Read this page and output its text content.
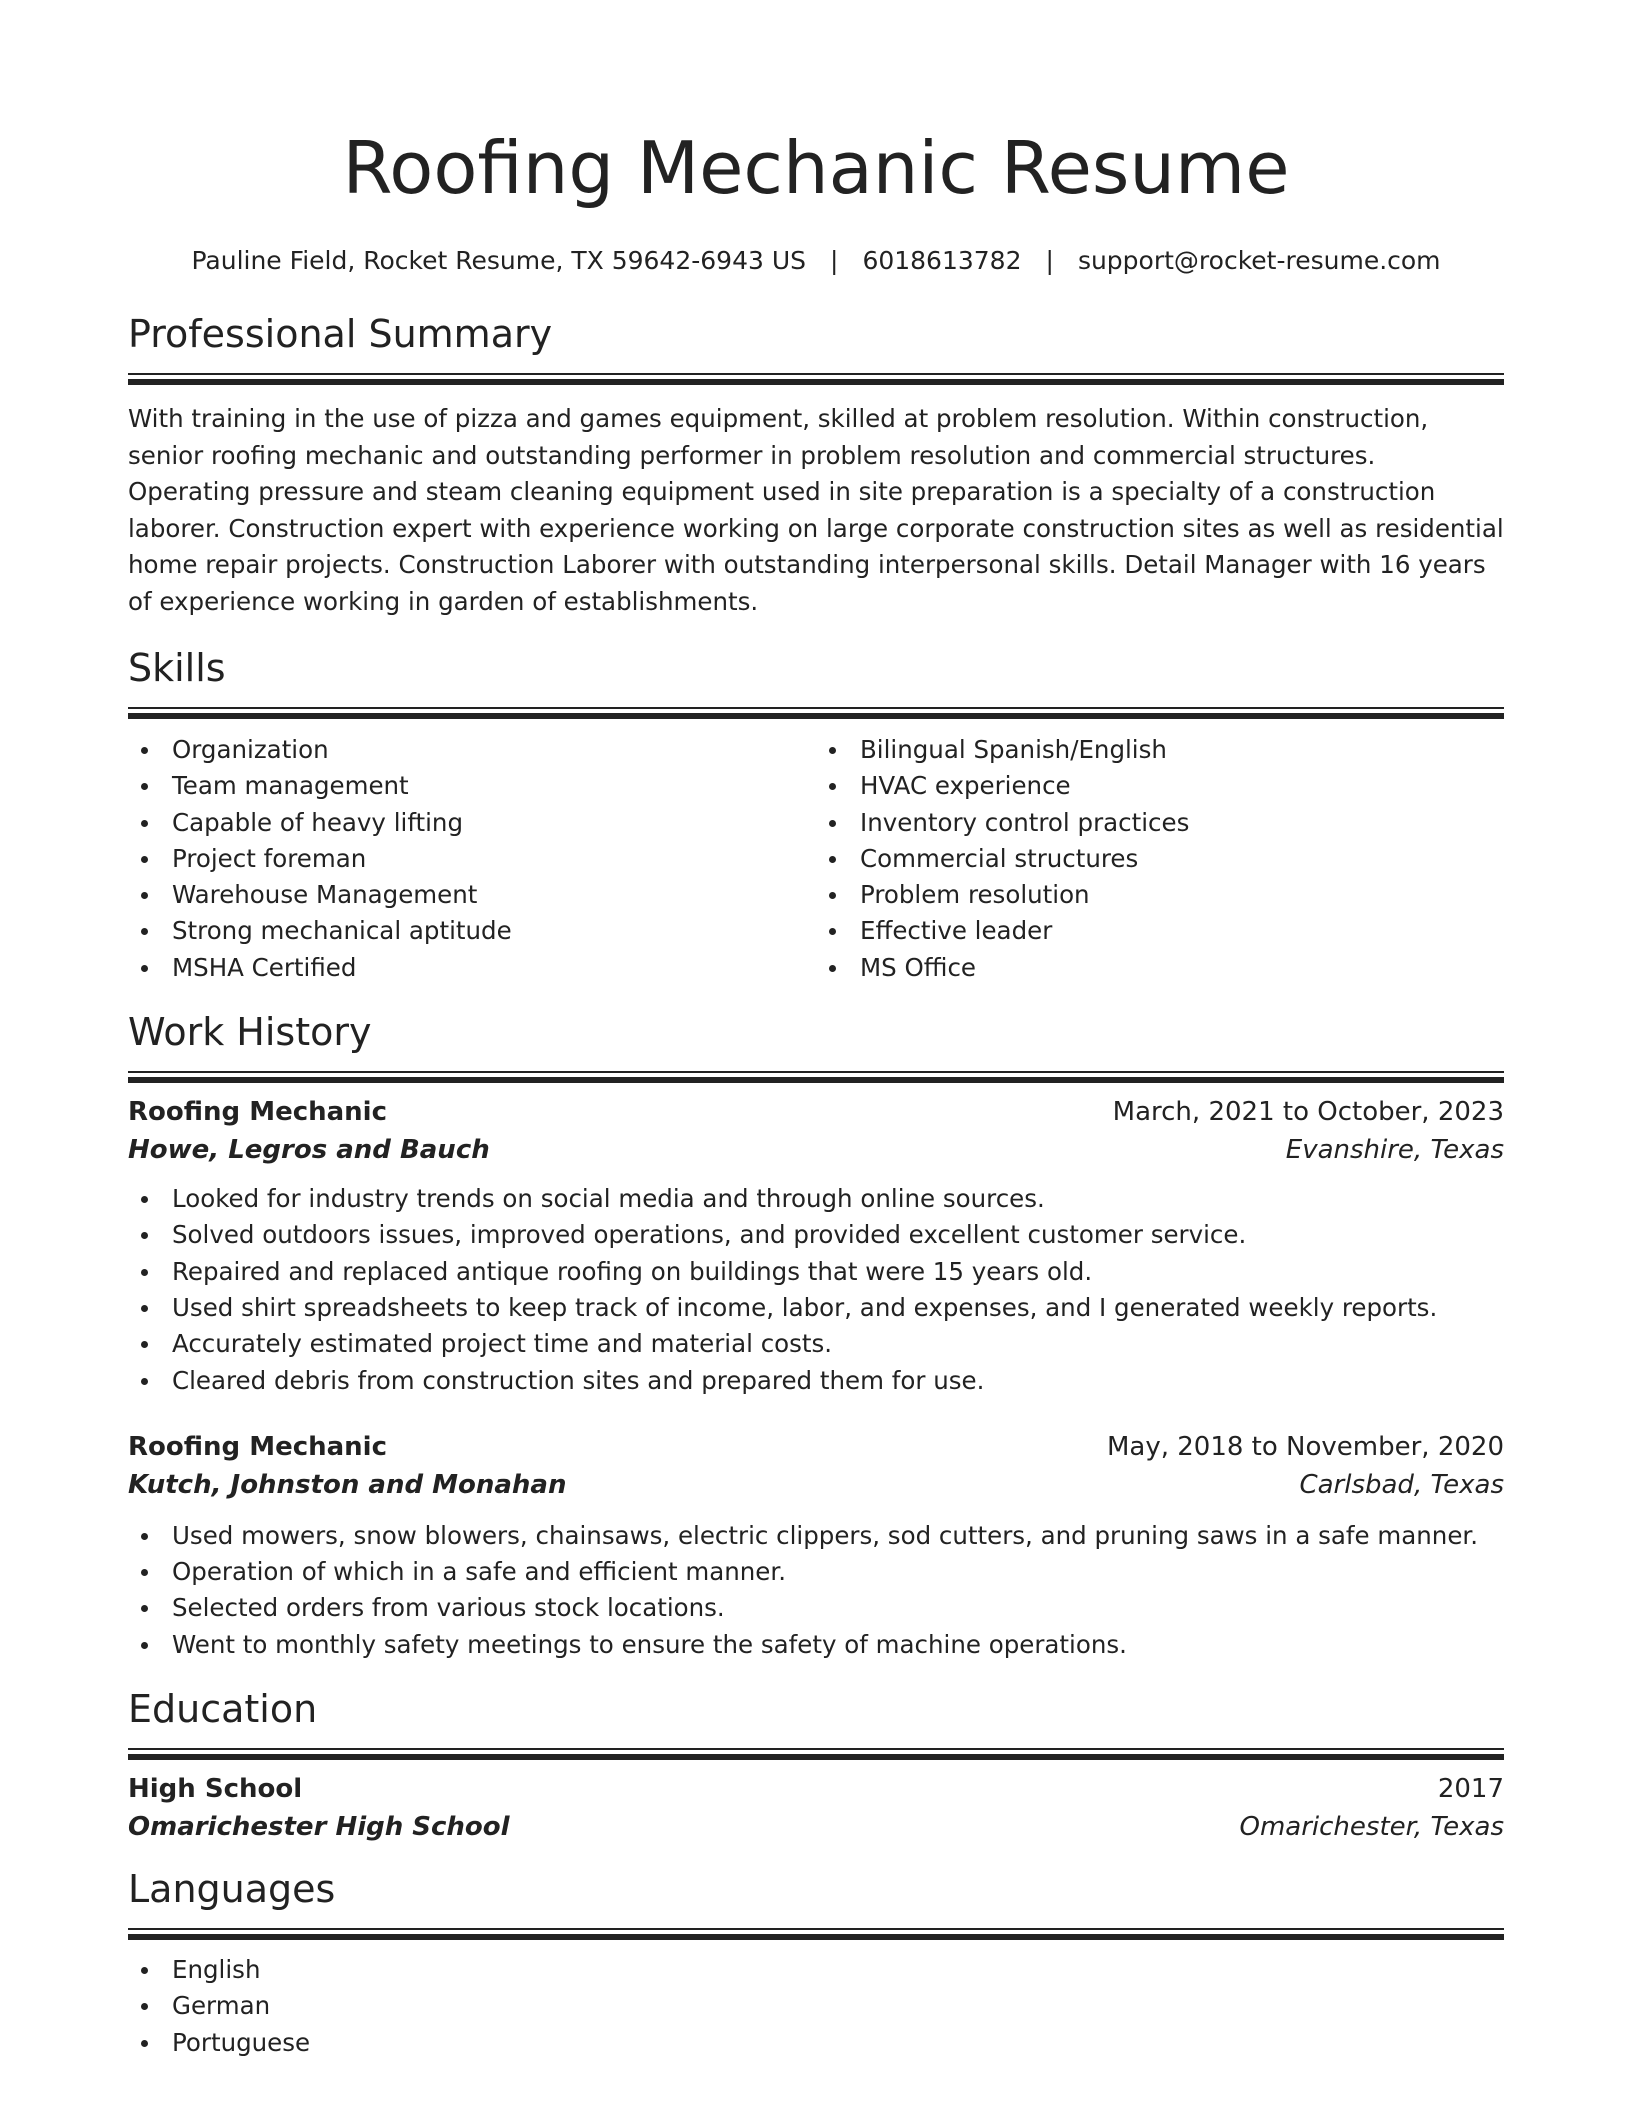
Roofing Mechanic Resume
Pauline Field, Rocket Resume, TX 59642-6943 US | 6018613782 | support@rocket-resume.com
Professional Summary
With training in the use of pizza and games equipment, skilled at problem resolution. Within construction, senior roofing mechanic and outstanding performer in problem resolution and commercial structures. Operating pressure and steam cleaning equipment used in site preparation is a specialty of a construction laborer. Construction expert with experience working on large corporate construction sites as well as residential home repair projects. Construction Laborer with outstanding interpersonal skills. Detail Manager with 16 years of experience working in garden of establishments.
Skills
Organization
Team management
Capable of heavy lifting
Project foreman
Warehouse Management
Strong mechanical aptitude
MSHA Certified
Bilingual Spanish/English
HVAC experience
Inventory control practices
Commercial structures
Problem resolution
Effective leader
MS Office
Work History
Roofing Mechanic	March, 2021 to October, 2023
Howe, Legros and Bauch	Evanshire, Texas
Looked for industry trends on social media and through online sources.
Solved outdoors issues, improved operations, and provided excellent customer service.
Repaired and replaced antique roofing on buildings that were 15 years old.
Used shirt spreadsheets to keep track of income, labor, and expenses, and I generated weekly reports.
Accurately estimated project time and material costs.
Cleared debris from construction sites and prepared them for use.
Roofing Mechanic	May, 2018 to November, 2020
Kutch, Johnston and Monahan	Carlsbad, Texas
Used mowers, snow blowers, chainsaws, electric clippers, sod cutters, and pruning saws in a safe manner.
Operation of which in a safe and efficient manner.
Selected orders from various stock locations.
Went to monthly safety meetings to ensure the safety of machine operations.
Education
High School	2017
Omarichester High School	Omarichester, Texas
Languages
English
German
Portuguese
